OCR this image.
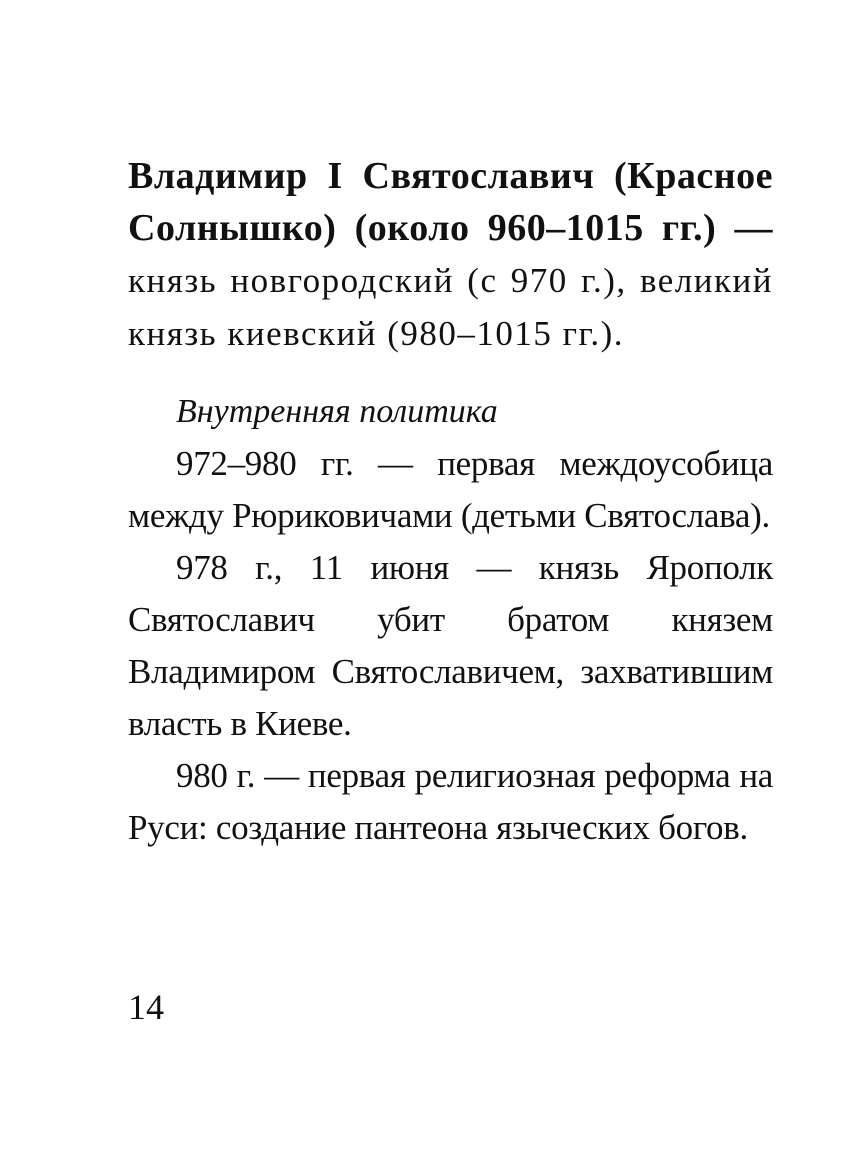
Владимир I Святославич (Красное Солнышко) (около 960–1015 гг.) — князь новгородский (с 970 г.), великий князь киевский (980–1015 гг.).

Внутренняя политика

972–980 гг. — первая междоусобица между Рюриковичами (детьми Святослава).

978 г., 11 июня — князь Ярополк Святославич убит братом князем Владимиром Святославичем, захватившим власть в Киеве.

980 г. — первая религиозная реформа на Руси: создание пантеона языческих богов.

14
